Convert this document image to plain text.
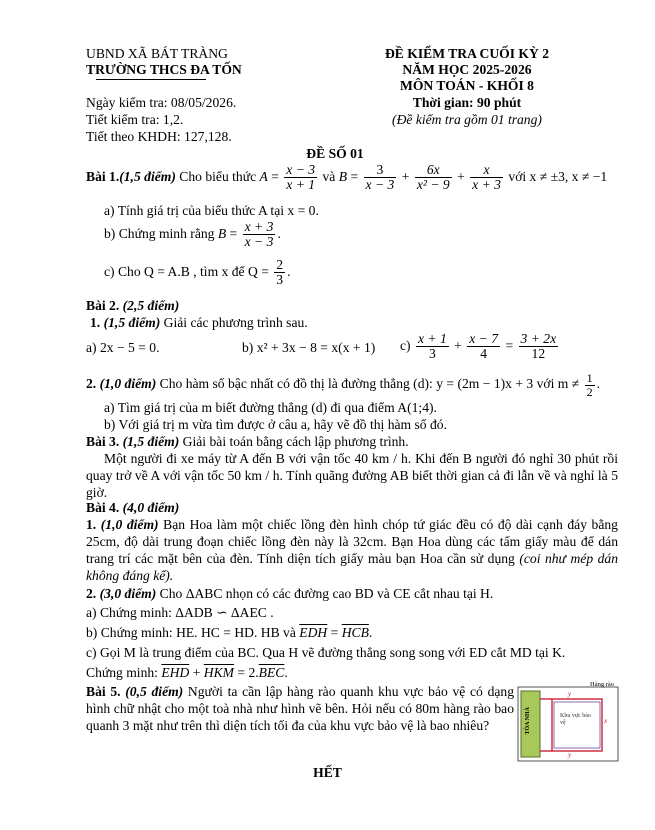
UBND XÃ BÁT TRÀNG
TRƯỜNG THCS ĐA TỐN
ĐỀ KIỂM TRA CUỐI KỲ 2
NĂM HỌC 2025-2026
MÔN TOÁN - KHỐI 8
Thời gian: 90 phút
(Đề kiểm tra gồm 01 trang)
Ngày kiểm tra: 08/05/2026.
Tiết kiểm tra: 1,2.
Tiết theo KHDH: 127,128.
ĐỀ SỐ 01
Bài 1.(1,5 điểm) Cho biểu thức $A = \frac{x - 3}{x + 1}$ và $B = \frac{3}{x - 3} + \frac{6x}{\text{x² − 9}} + \frac{x}{x + 3}$ với x ≠ ±3, x ≠ −1
a) Tính giá trị của biểu thức A tại x = 0.
b) Chứng minh rằng $B = \frac{x + 3}{x - 3}$ .
c) Cho Q = A.B , tìm x để $Q = \frac{2}{3}$ .
Bài 2. (2,5 điểm)
1. (1,5 điểm) Giải các phương trình sau.
a) 2x − 5 = 0.	b) x² + 3x − 8 = x(x + 1) $c) \frac{x + 1}{3} + \frac{x - 7}{4} = \frac{3 + 2x}{12}$
2. (1,0 điểm) Cho hàm số bậc nhất có đồ thị là đường thẳng (d): y = (2m − 1)x + 3 với $m \ne \frac{1}{2}$ .
a) Tìm giá trị của m biết đường thẳng (d) đi qua điểm A(1;4).
b) Với giá trị m vừa tìm được ở câu a, hãy vẽ đồ thị hàm số đó.
Bài 3. (1,5 điểm) Giải bài toán bằng cách lập phương trình.
Một người đi xe máy từ A đến B với vận tốc 40 km / h. Khi đến B người đó nghỉ 30 phút rồi quay trở về A với vận tốc 50 km / h. Tính quãng đường AB biết thời gian cả đi lẫn về và nghỉ là 5 giờ.
Bài 4. (4,0 điểm)
1. (1,0 điểm) Bạn Hoa làm một chiếc lồng đèn hình chóp tứ giác đều có độ dài cạnh đáy bằng 25cm, độ dài trung đoạn chiếc lồng đèn này là 32cm. Bạn Hoa dùng các tấm giấy màu để dán trang trí các mặt bên của đèn. Tính diện tích giấy màu bạn Hoa cần sử dụng (coi như mép dán không đáng kể).
2. (3,0 điểm) Cho ΔABC nhọn có các đường cao BD và CE cắt nhau tại H.
a) Chứng minh: ΔADB ∽ ΔAEC .
b) Chứng minh: HE. HC = HD. HB và $\overline{EDH} = \overline{HCB}$.
c) Gọi M là trung điểm của BC. Qua H vẽ đường thẳng song song với ED cắt MD tại K.
Chứng minh: $\overline{EHD} + \overline{HKM} = 2.\overline{BEC}$.
Bài 5. (0,5 điểm) Người ta cần lập hàng rào quanh khu vực bảo vệ có dạng hình chữ nhật cho một toà nhà như hình vẽ bên. Hỏi nếu có 80m hàng rào bao quanh 3 mặt như trên thì diện tích tối đa của khu vực bảo vệ là bao nhiêu?	TÒA NHÀ
Hàng rào
Khu vực bảo vệ	x
y
y
HẾT
